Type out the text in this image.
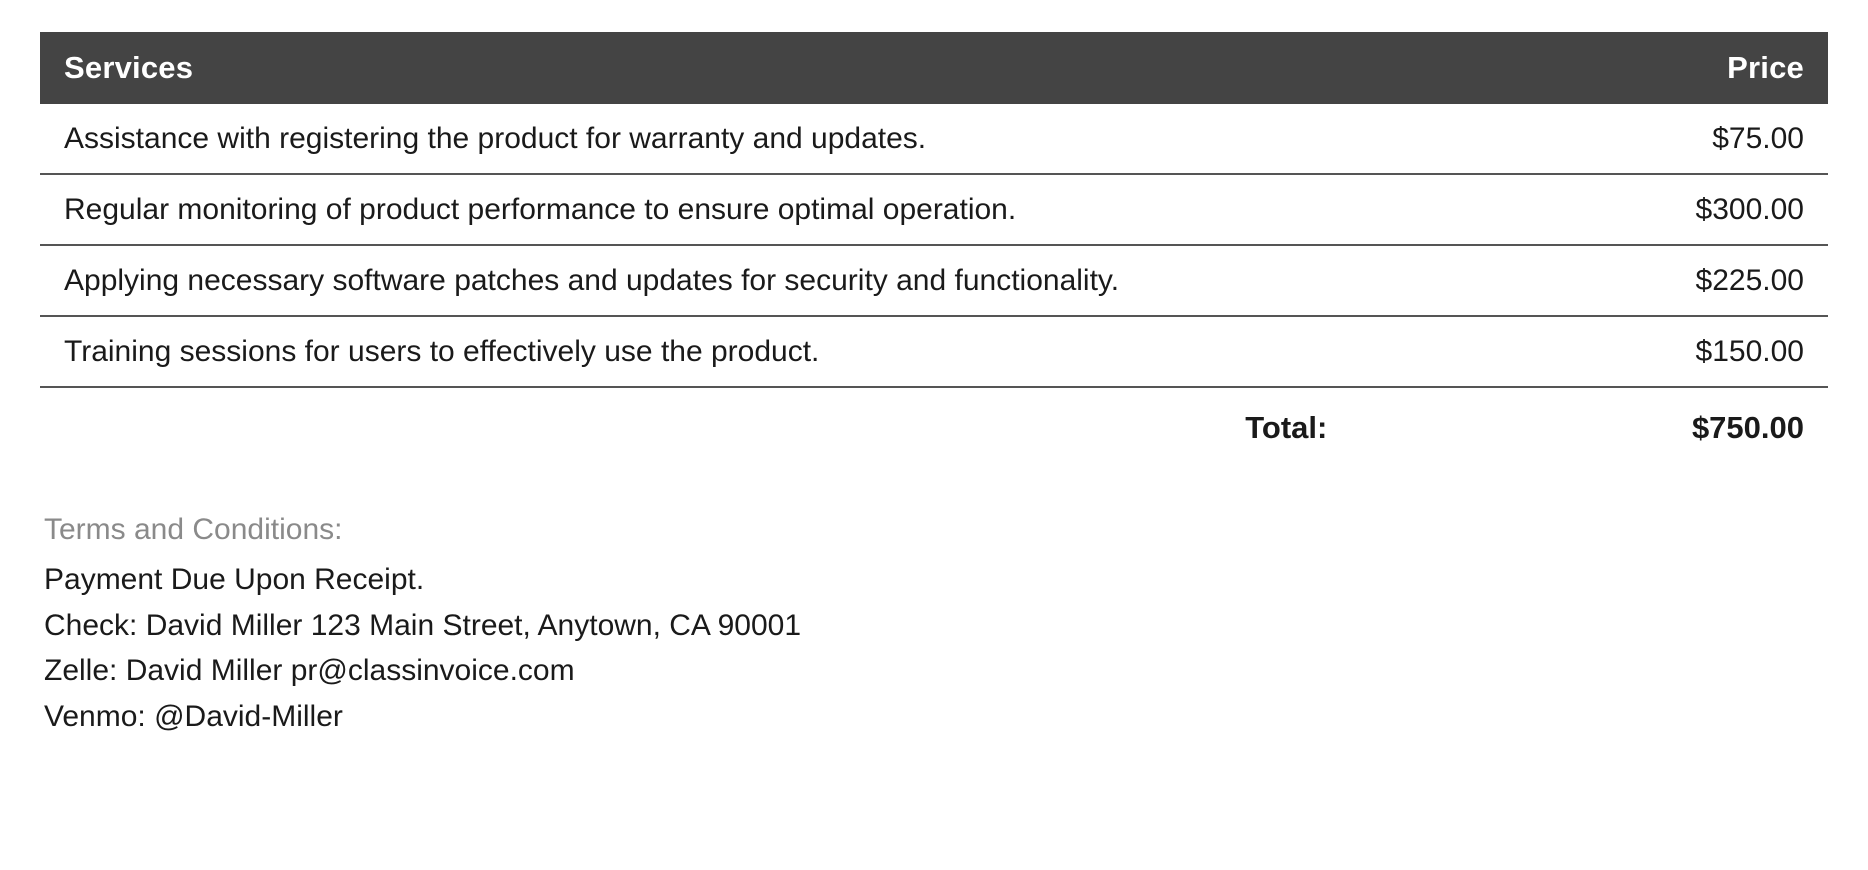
Services	Price
Assistance with registering the product for warranty and updates.	$75.00
Regular monitoring of product performance to ensure optimal operation.	$300.00
Applying necessary software patches and updates for security and functionality.	$225.00
Training sessions for users to effectively use the product.	$150.00
Total:	$750.00
Terms and Conditions:
Payment Due Upon Receipt.
Check: David Miller 123 Main Street, Anytown, CA 90001
Zelle: David Miller pr@classinvoice.com
Venmo: @David-Miller
